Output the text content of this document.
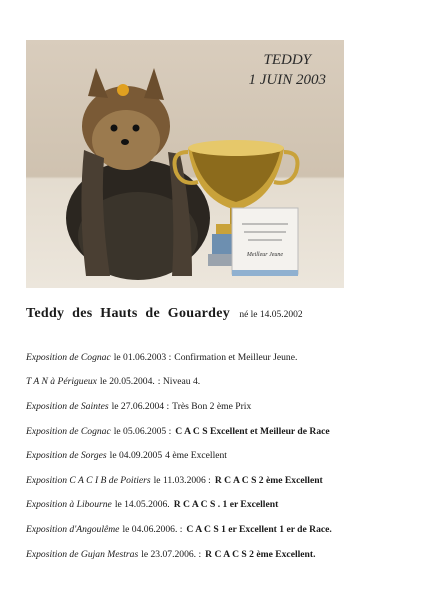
Meilleur Jeune
TEDDY
1 JUIN 2003
Teddy des Hauts de Gouardey né le 14.05.2002
Exposition de Cognac le 01.06.2003 : Confirmation et Meilleur Jeune.
T A N à Périgueux le 20.05.2004. : Niveau 4.
Exposition de Saintes le 27.06.2004 : Très Bon 2 ème Prix
Exposition de Cognac le 05.06.2005 : C A C S Excellent et Meilleur de Race
Exposition de Sorges le 04.09.2005 4 ème Excellent
Exposition C A C I B de Poitiers le 11.03.2006 : R C A C S 2 ème Excellent
Exposition à Libourne le 14.05.2006. R C A C S . 1 er Excellent
Exposition d'Angoulême le 04.06.2006. : C A C S 1 er Excellent 1 er de Race.
Exposition de Gujan Mestras le 23.07.2006. : R C A C S 2 ème Excellent.
